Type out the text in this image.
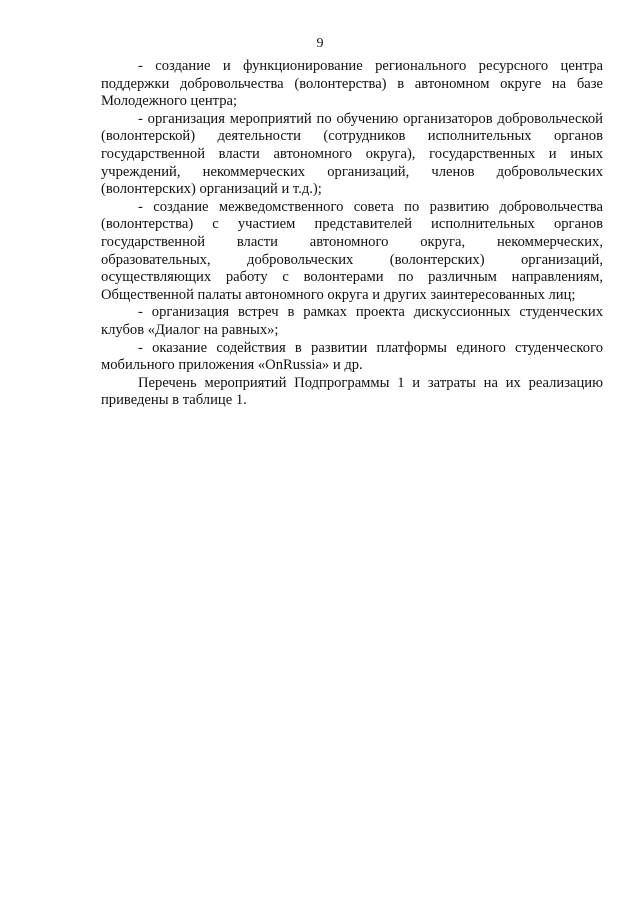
9

- создание и функционирование регионального ресурсного центра поддержки добровольчества (волонтерства) в автономном округе на базе Молодежного центра;

- организация мероприятий по обучению организаторов добровольческой (волонтерской) деятельности (сотрудников исполнительных органов государственной власти автономного округа), государственных и иных учреждений, некоммерческих организаций, членов добровольческих (волонтерских) организаций и т.д.);

- создание межведомственного совета по развитию добровольчества (волонтерства) с участием представителей исполнительных органов государственной власти автономного округа, некоммерческих, образовательных, добровольческих (волонтерских) организаций, осуществляющих работу с волонтерами по различным направлениям, Общественной палаты автономного округа и других заинтересованных лиц;

- организация встреч в рамках проекта дискуссионных студенческих клубов «Диалог на равных»;

- оказание содействия в развитии платформы единого студенческого мобильного приложения «OnRussia» и др.

Перечень мероприятий Подпрограммы 1 и затраты на их реализацию приведены в таблице 1.
